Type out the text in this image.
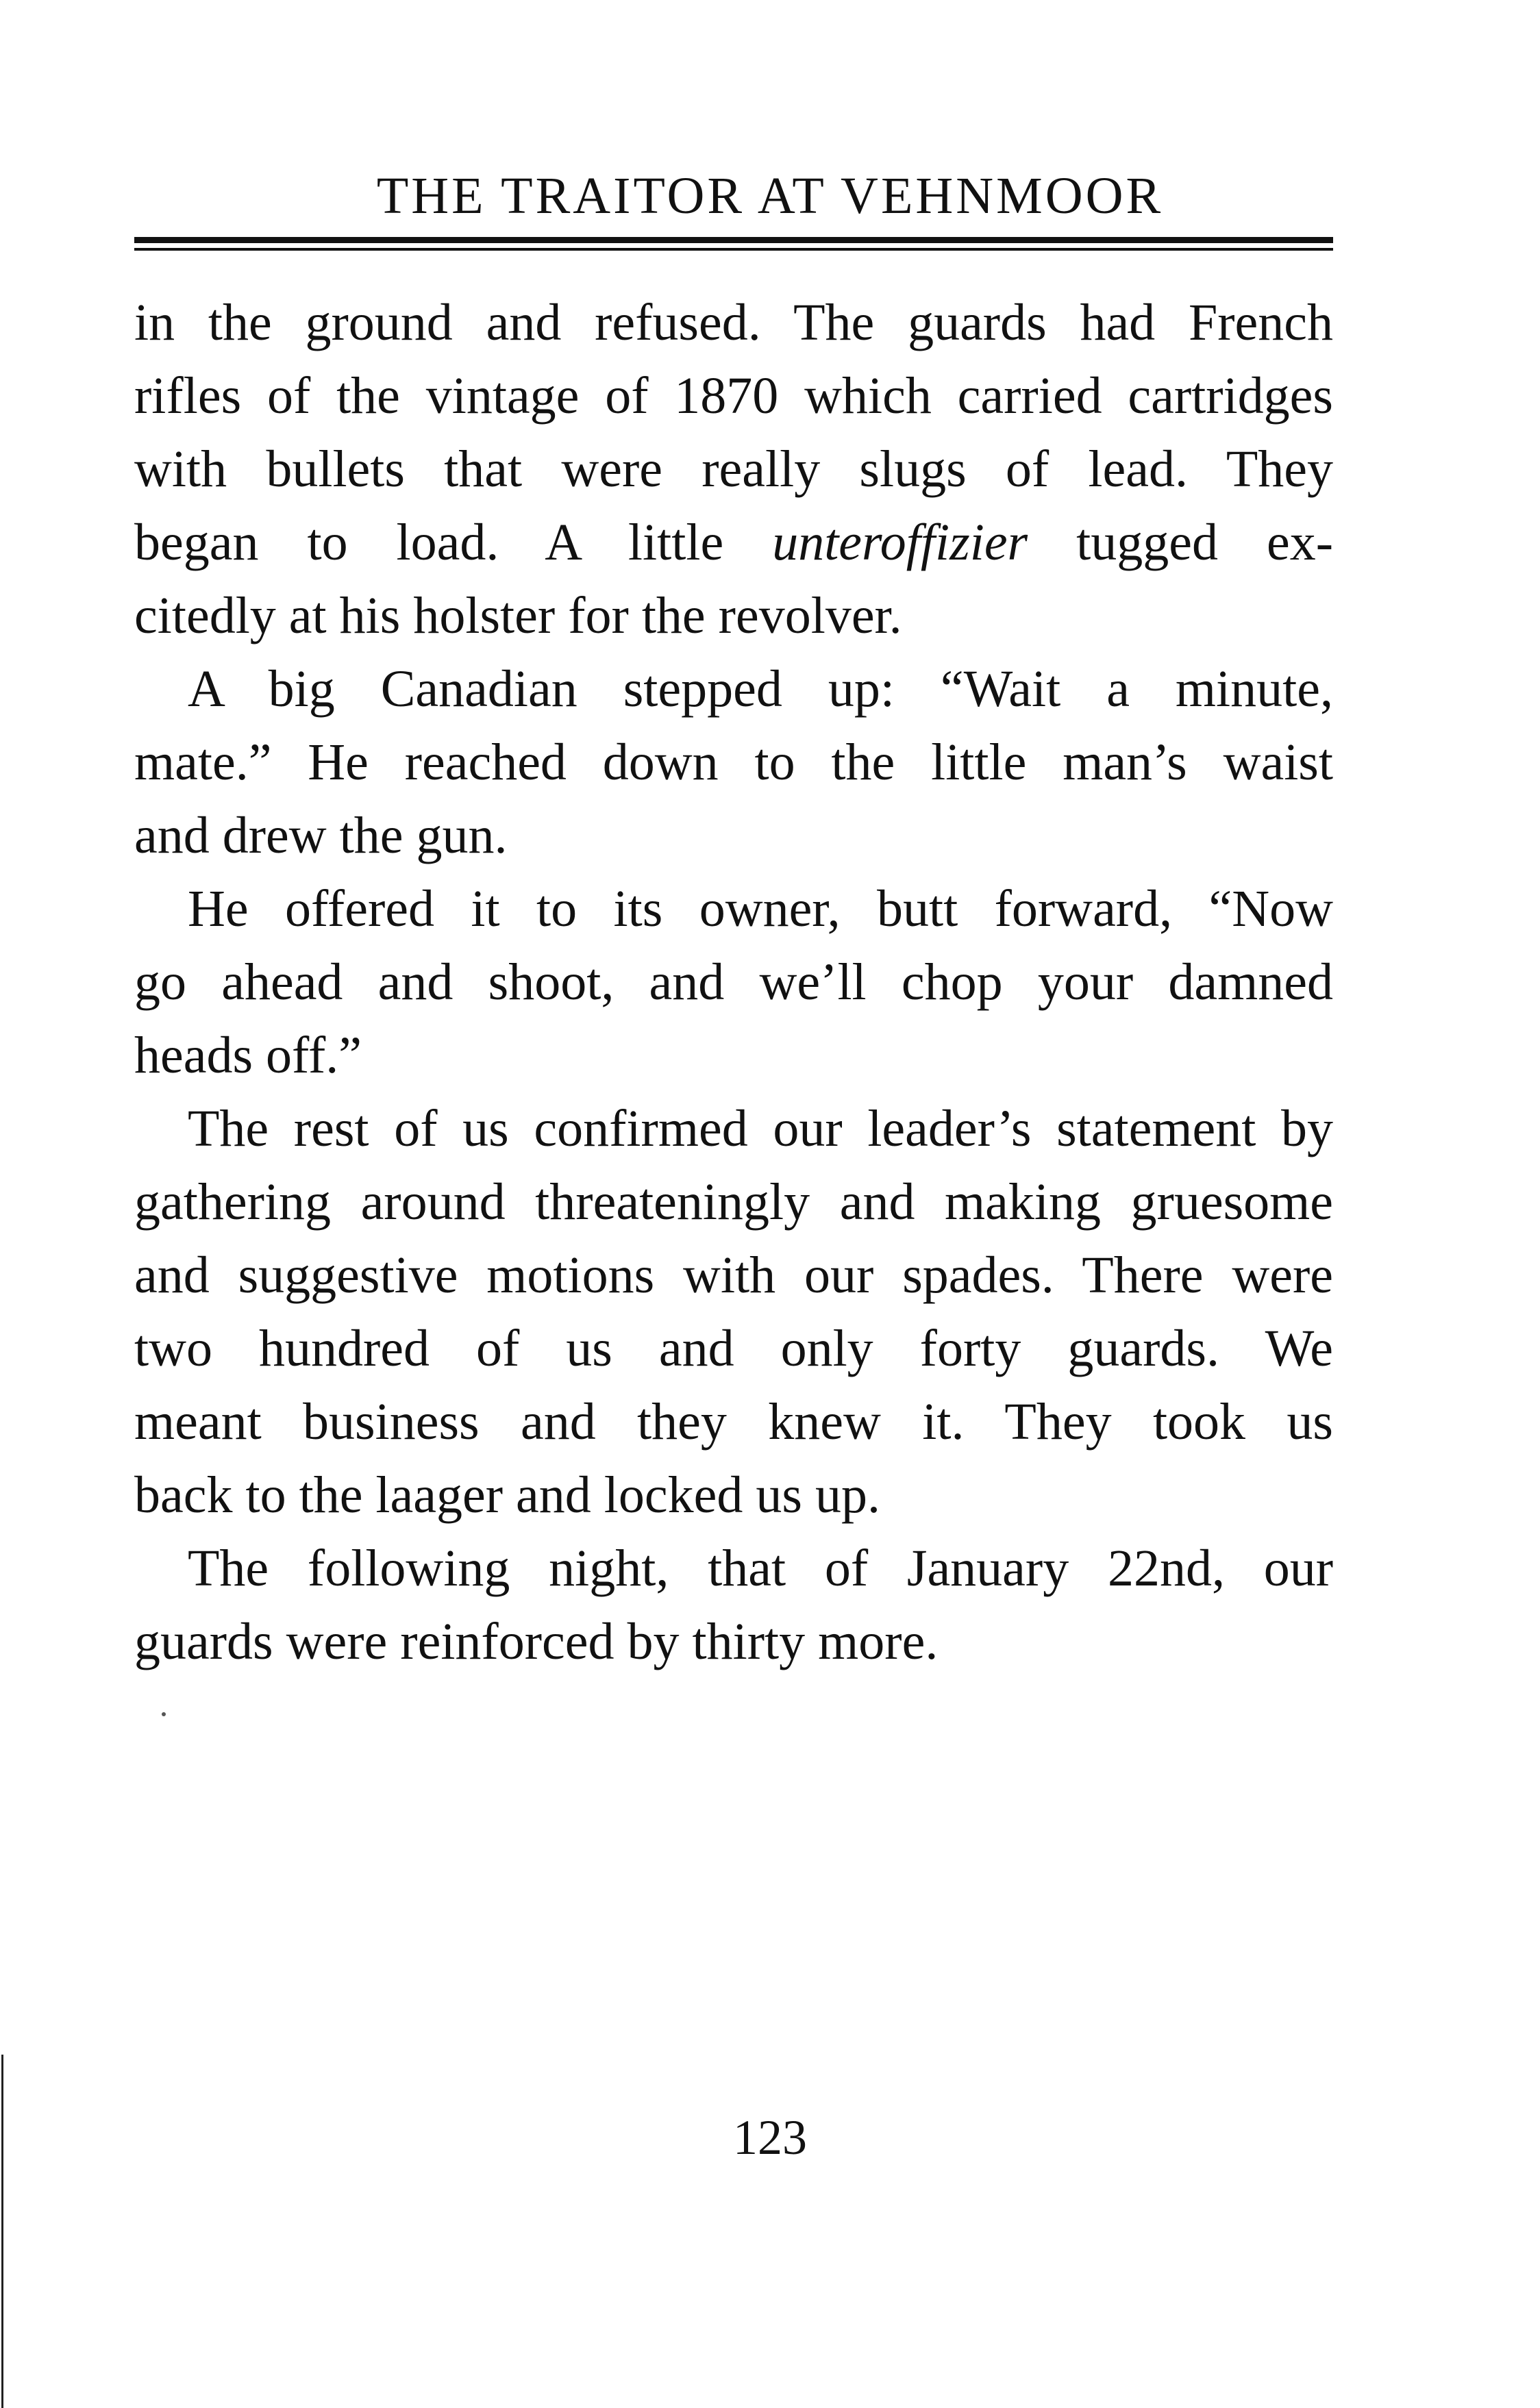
THE TRAITOR AT VEHNMOOR
in the ground and refused. The guards had French
rifles of the vintage of 1870 which carried cartridges
with bullets that were really slugs of lead. They
began to load. A little unteroffizier tugged ex-
citedly at his holster for the revolver.
A big Canadian stepped up: “Wait a minute,
mate.” He reached down to the little man’s waist
and drew the gun.
He offered it to its owner, butt forward, “Now
go ahead and shoot, and we’ll chop your damned
heads off.”
The rest of us confirmed our leader’s statement by
gathering around threateningly and making gruesome
and suggestive motions with our spades. There were
two hundred of us and only forty guards. We
meant business and they knew it. They took us
back to the laager and locked us up.
The following night, that of January 22nd, our
guards were reinforced by thirty more.
123
